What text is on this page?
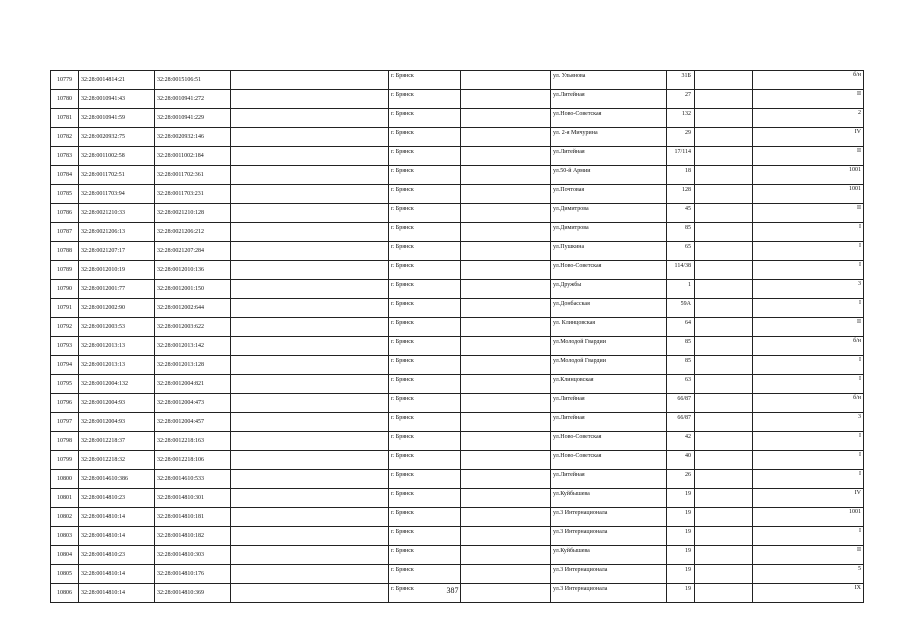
10779	32:28:0014814:21	32:28:0015106:51		г. Брянск		ул. Ульянова	31Б		б/н
10780	32:28:0010941:43	32:28:0010941:272		г. Брянск		ул.Литейная	27		II
10781	32:28:0010941:59	32:28:0010941:229		г. Брянск		ул.Ново-Советская	132		2
10782	32:28:0020932:75	32:28:0020932:146		г. Брянск		ул. 2-я Мичурина	29		IV
10783	32:28:0011002:58	32:28:0011002:184		г. Брянск		ул.Литейная	17/114		II
10784	32:28:0011702:51	32:28:0011702:361		г. Брянск		ул.50-й Армии	18		1001
10785	32:28:0011703:94	32:28:0011703:231		г. Брянск		ул.Почтовая	128		1001
10786	32:28:0021210:33	32:28:0021210:128		г. Брянск		ул.Димитрова	45		II
10787	32:28:0021206:13	32:28:0021206:212		г. Брянск		ул.Димитрова	85		I
10788	32:28:0021207:17	32:28:0021207:284		г. Брянск		ул.Пушкина	65		I
10789	32:28:0012010:19	32:28:0012010:136		г. Брянск		ул.Ново-Советская	114/38		I
10790	32:28:0012001:77	32:28:0012001:150		г. Брянск		ул.Дружбы	1		3
10791	32:28:0012002:90	32:28:0012002:644		г. Брянск		ул.Донбасская	59А		I
10792	32:28:0012003:53	32:28:0012003:622		г. Брянск		ул. Клинцовская	64		II
10793	32:28:0012013:13	32:28:0012013:142		г. Брянск		ул.Молодой Гвардии	85		б/н
10794	32:28:0012013:13	32:28:0012013:128		г. Брянск		ул.Молодой Гвардии	85		I
10795	32:28:0012004:132	32:28:0012004:821		г. Брянск		ул.Клинцовская	63		I
10796	32:28:0012004:93	32:28:0012004:473		г. Брянск		ул.Литейная	66/87		б/н
10797	32:28:0012004:93	32:28:0012004:457		г. Брянск		ул.Литейная	66/87		3
10798	32:28:0012218:37	32:28:0012218:163		г. Брянск		ул.Ново-Советская	42		I
10799	32:28:0012218:32	32:28:0012218:106		г. Брянск		ул.Ново-Советская	40		I
10800	32:28:0014610:386	32:28:0014610:533		г. Брянск		ул.Литейная	26		I
10801	32:28:0014810:23	32:28:0014810:301		г. Брянск		ул.Куйбышева	19		IV
10802	32:28:0014810:14	32:28:0014810:181		г. Брянск		ул.3 Интернационала	19		1001
10803	32:28:0014810:14	32:28:0014810:182		г. Брянск		ул.3 Интернационала	19		I
10804	32:28:0014810:23	32:28:0014810:303		г. Брянск		ул.Куйбышева	19		II
10805	32:28:0014810:14	32:28:0014810:176		г. Брянск		ул.3 Интернационала	19		5
10806	32:28:0014810:14	32:28:0014810:369		г. Брянск		ул.3 Интернационала	19		IX
387
